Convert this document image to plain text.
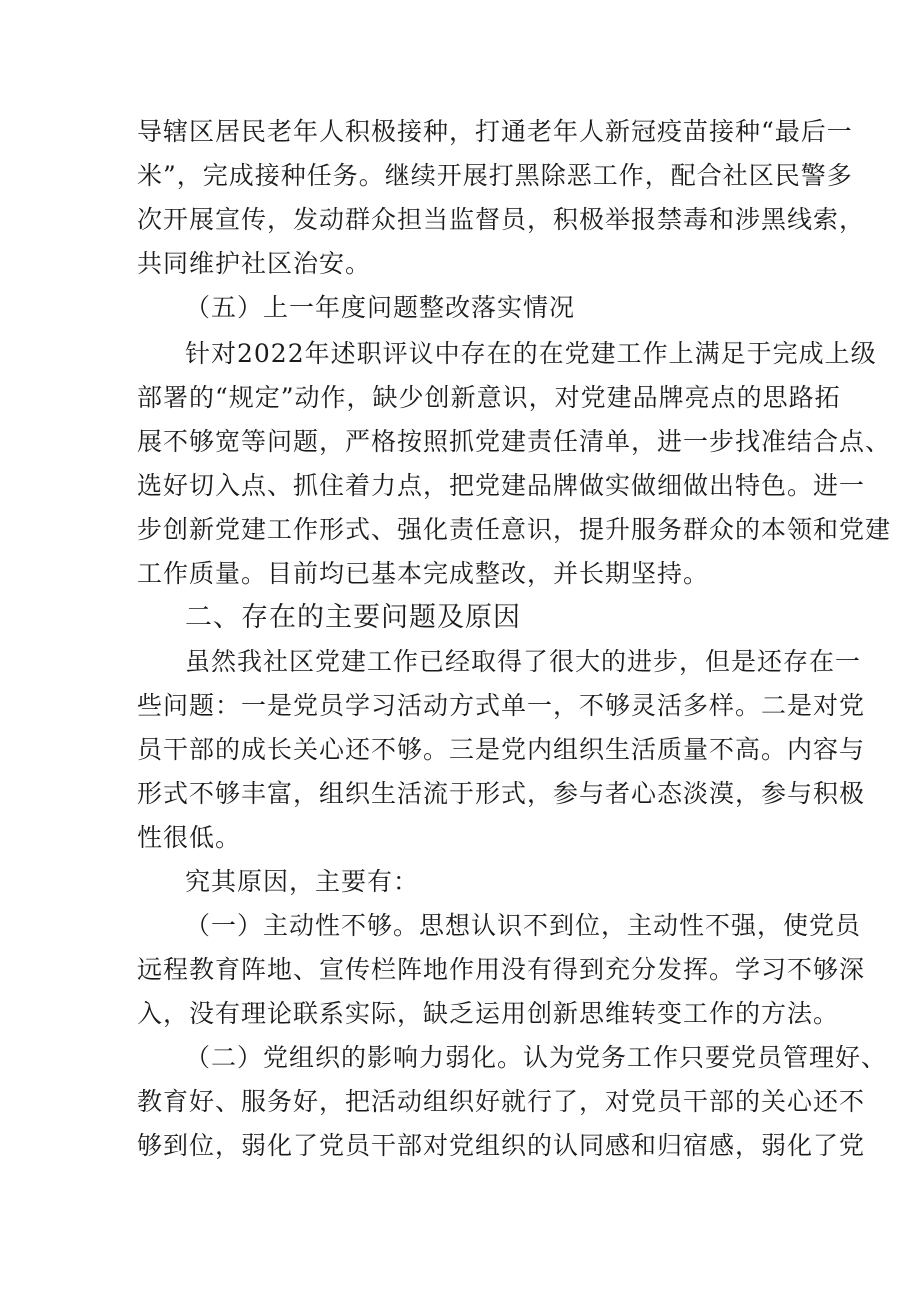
导辖区居民老年人积极接种，打通老年人新冠疫苗接种“最后一
米”，完成接种任务。继续开展打黑除恶工作，配合社区民警多
次开展宣传，发动群众担当监督员，积极举报禁毒和涉黑线索，
共同维护社区治安。
（五）上一年度问题整改落实情况
针对2022年述职评议中存在的在党建工作上满足于完成上级
部署的“规定”动作，缺少创新意识，对党建品牌亮点的思路拓
展不够宽等问题，严格按照抓党建责任清单，进一步找准结合点、
选好切入点、抓住着力点，把党建品牌做实做细做出特色。进一
步创新党建工作形式、强化责任意识，提升服务群众的本领和党建
工作质量。目前均已基本完成整改，并长期坚持。
二、存在的主要问题及原因
虽然我社区党建工作已经取得了很大的进步，但是还存在一
些问题：一是党员学习活动方式单一，不够灵活多样。二是对党
员干部的成长关心还不够。三是党内组织生活质量不高。内容与
形式不够丰富，组织生活流于形式，参与者心态淡漠，参与积极
性很低。
究其原因，主要有：
（一）主动性不够。思想认识不到位，主动性不强，使党员
远程教育阵地、宣传栏阵地作用没有得到充分发挥。学习不够深
入，没有理论联系实际，缺乏运用创新思维转变工作的方法。
（二）党组织的影响力弱化。认为党务工作只要党员管理好、
教育好、服务好，把活动组织好就行了，对党员干部的关心还不
够到位，弱化了党员干部对党组织的认同感和归宿感，弱化了党
